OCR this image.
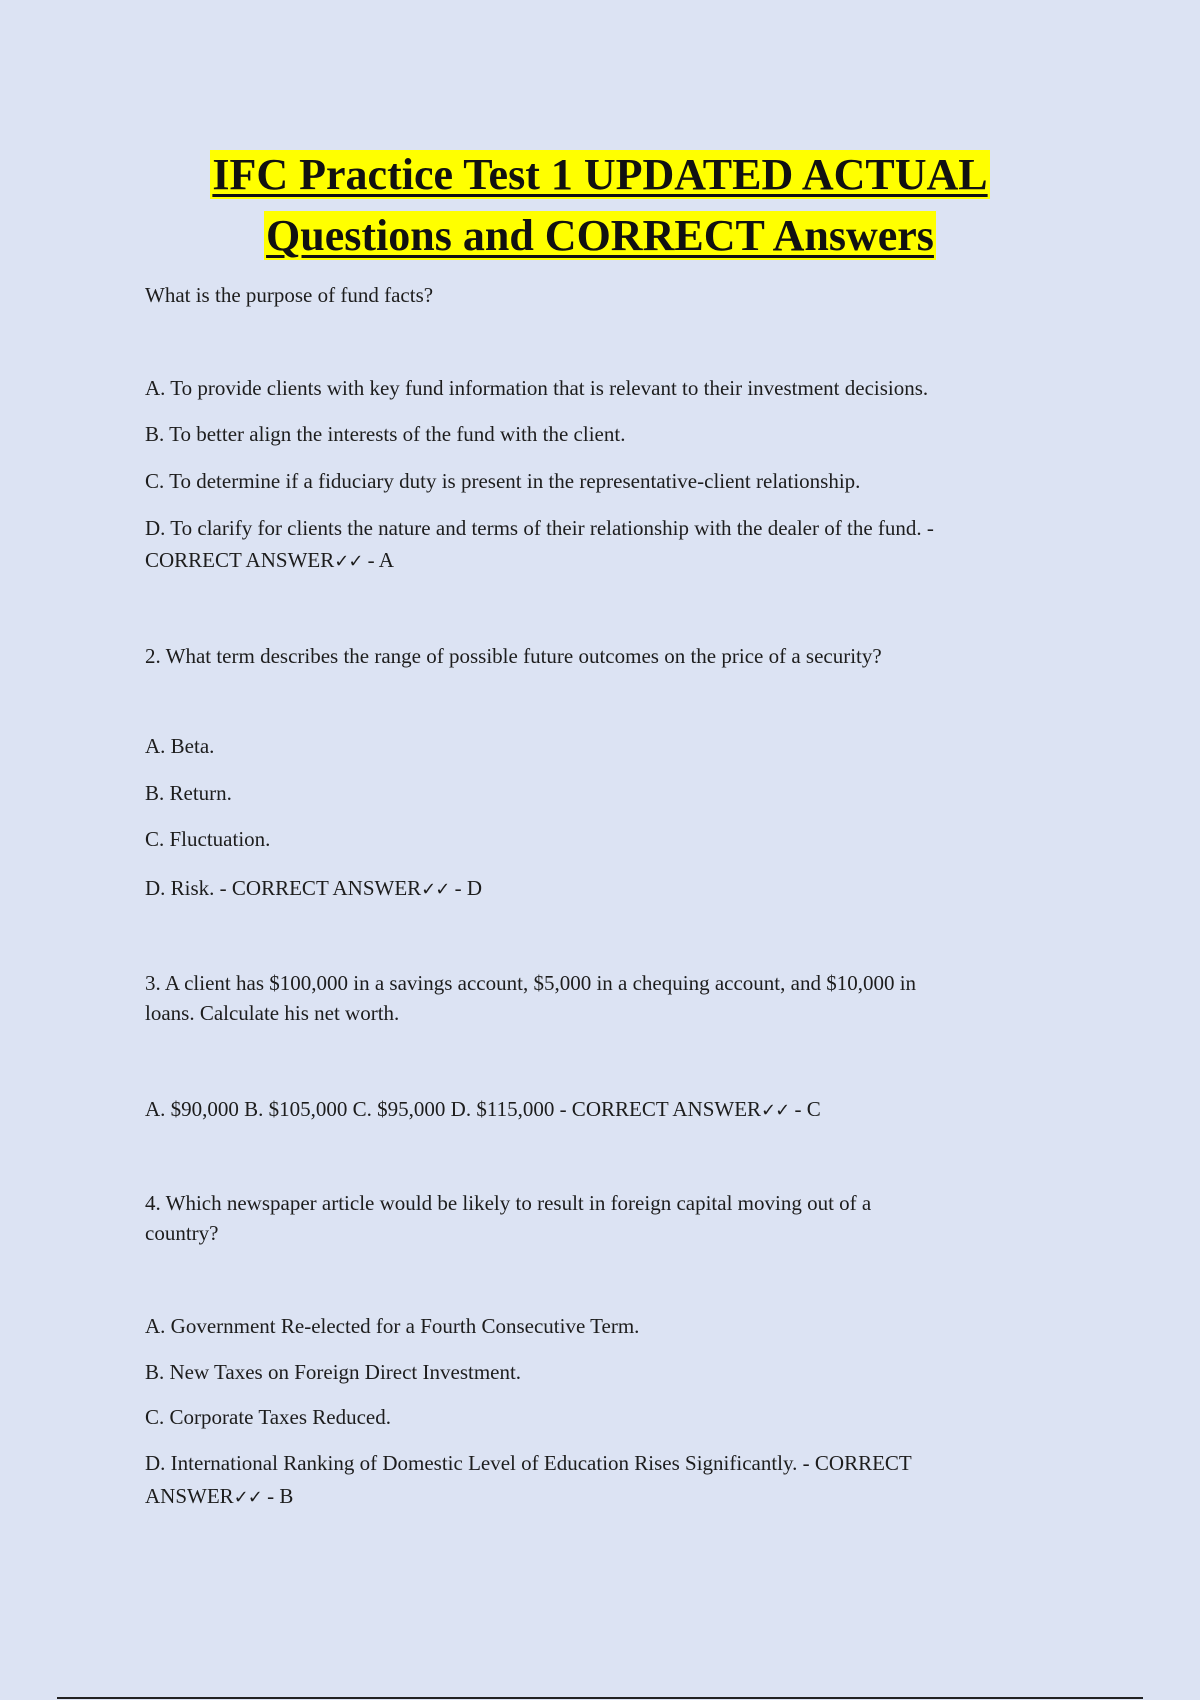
IFC Practice Test 1 UPDATED ACTUAL
Questions and CORRECT Answers
What is the purpose of fund facts?
A. To provide clients with key fund information that is relevant to their investment decisions.
B. To better align the interests of the fund with the client.
C. To determine if a fiduciary duty is present in the representative-client relationship.
D. To clarify for clients the nature and terms of their relationship with the dealer of the fund. -
CORRECT ANSWER✓✓ - A
2. What term describes the range of possible future outcomes on the price of a security?
A. Beta.
B. Return.
C. Fluctuation.
D. Risk. - CORRECT ANSWER✓✓ - D
3. A client has $100,000 in a savings account, $5,000 in a chequing account, and $10,000 in
loans. Calculate his net worth.
A. $90,000 B. $105,000 C. $95,000 D. $115,000 - CORRECT ANSWER✓✓ - C
4. Which newspaper article would be likely to result in foreign capital moving out of a
country?
A. Government Re-elected for a Fourth Consecutive Term.
B. New Taxes on Foreign Direct Investment.
C. Corporate Taxes Reduced.
D. International Ranking of Domestic Level of Education Rises Significantly. - CORRECT
ANSWER✓✓ - B
